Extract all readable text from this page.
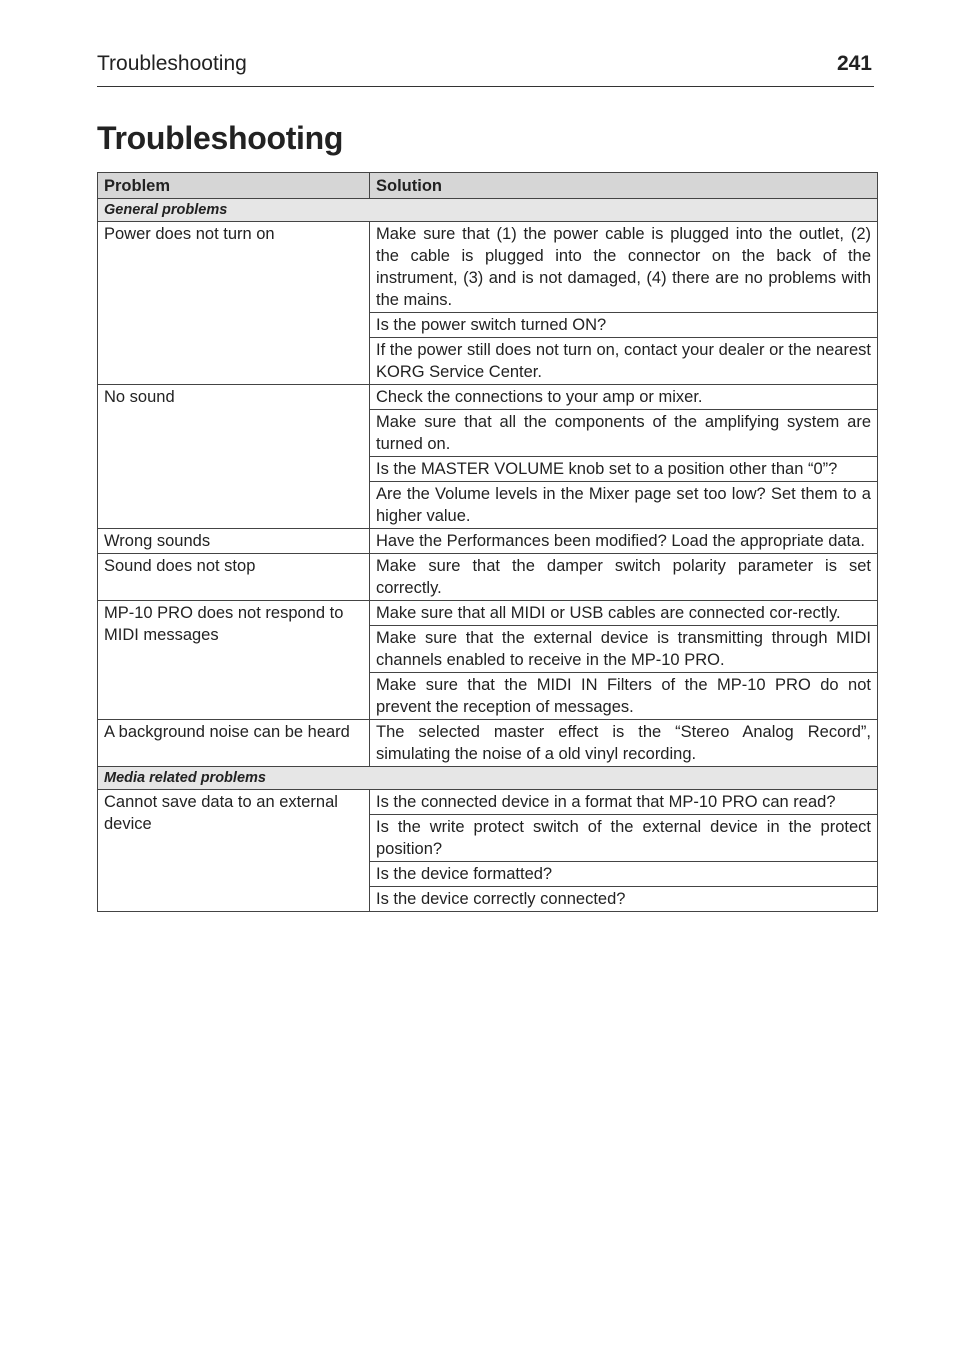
Troubleshooting	241
Troubleshooting
Problem	Solution
General problems	
Power does not turn on	Make sure that (1) the power cable is plugged into the outlet, (2) the cable is plugged into the connector on the back of the instrument, (3) and is not damaged, (4) there are no problems with the mains.
	Is the power switch turned ON?
	If the power still does not turn on, contact your dealer or the nearest KORG Service Center.
No sound	Check the connections to your amp or mixer.
	Make sure that all the components of the amplifying system are turned on.
	Is the MASTER VOLUME knob set to a position other than “0”?
	Are the Volume levels in the Mixer page set too low? Set them to a higher value.
Wrong sounds	Have the Performances been modified? Load the appropriate data.
Sound does not stop	Make sure that the damper switch polarity parameter is set correctly.
MP-10 PRO does not respond to MIDI messages	Make sure that all MIDI or USB cables are connected cor-rectly.
	Make sure that the external device is transmitting through MIDI channels enabled to receive in the MP-10 PRO.
	Make sure that the MIDI IN Filters of the MP-10 PRO do not prevent the reception of messages.
A background noise can be heard	The selected master effect is the “Stereo Analog Record”, simulating the noise of a old vinyl recording.
Media related problems	
Cannot save data to an external device	Is the connected device in a format that MP-10 PRO can read?
	Is the write protect switch of the external device in the protect position?
	Is the device formatted?
	Is the device correctly connected?
